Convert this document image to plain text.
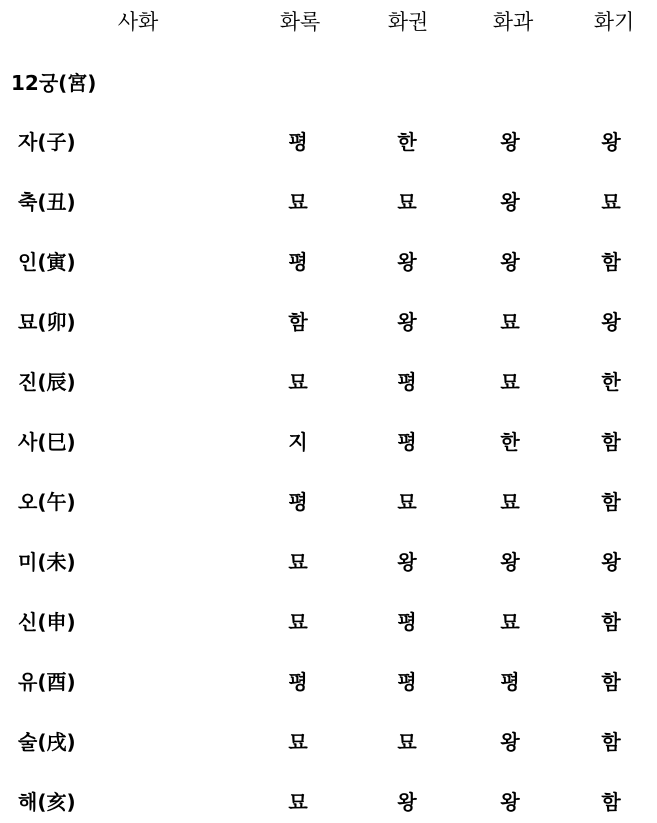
사화	화록	화권	화과	화기
12궁(宮)
자(子)	평	한	왕	왕
축(丑)	묘	묘	왕	묘
인(寅)	평	왕	왕	함
묘(卯)	함	왕	묘	왕
진(辰)	묘	평	묘	한
사(巳)	지	평	한	함
오(午)	평	묘	묘	함
미(未)	묘	왕	왕	왕
신(申)	묘	평	묘	함
유(酉)	평	평	평	함
술(戌)	묘	묘	왕	함
해(亥)	묘	왕	왕	함
